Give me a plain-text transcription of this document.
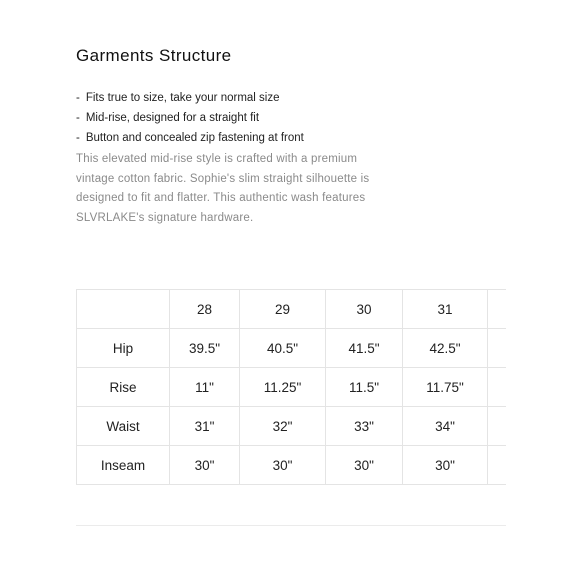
Garments Structure
- Fits true to size, take your normal size
- Mid-rise, designed for a straight fit
- Button and concealed zip fastening at front

This elevated mid-rise style is crafted with a premium vintage cotton fabric. Sophie's slim straight silhouette is designed to fit and flatter. This authentic wash features SLVRLAKE's signature hardware.

	28	29	30	31	
Hip	39.5"	40.5"	41.5"	42.5"	
Rise	11"	11.25"	11.5"	11.75"	
Waist	31"	32"	33"	34"	
Inseam	30"	30"	30"	30"	
